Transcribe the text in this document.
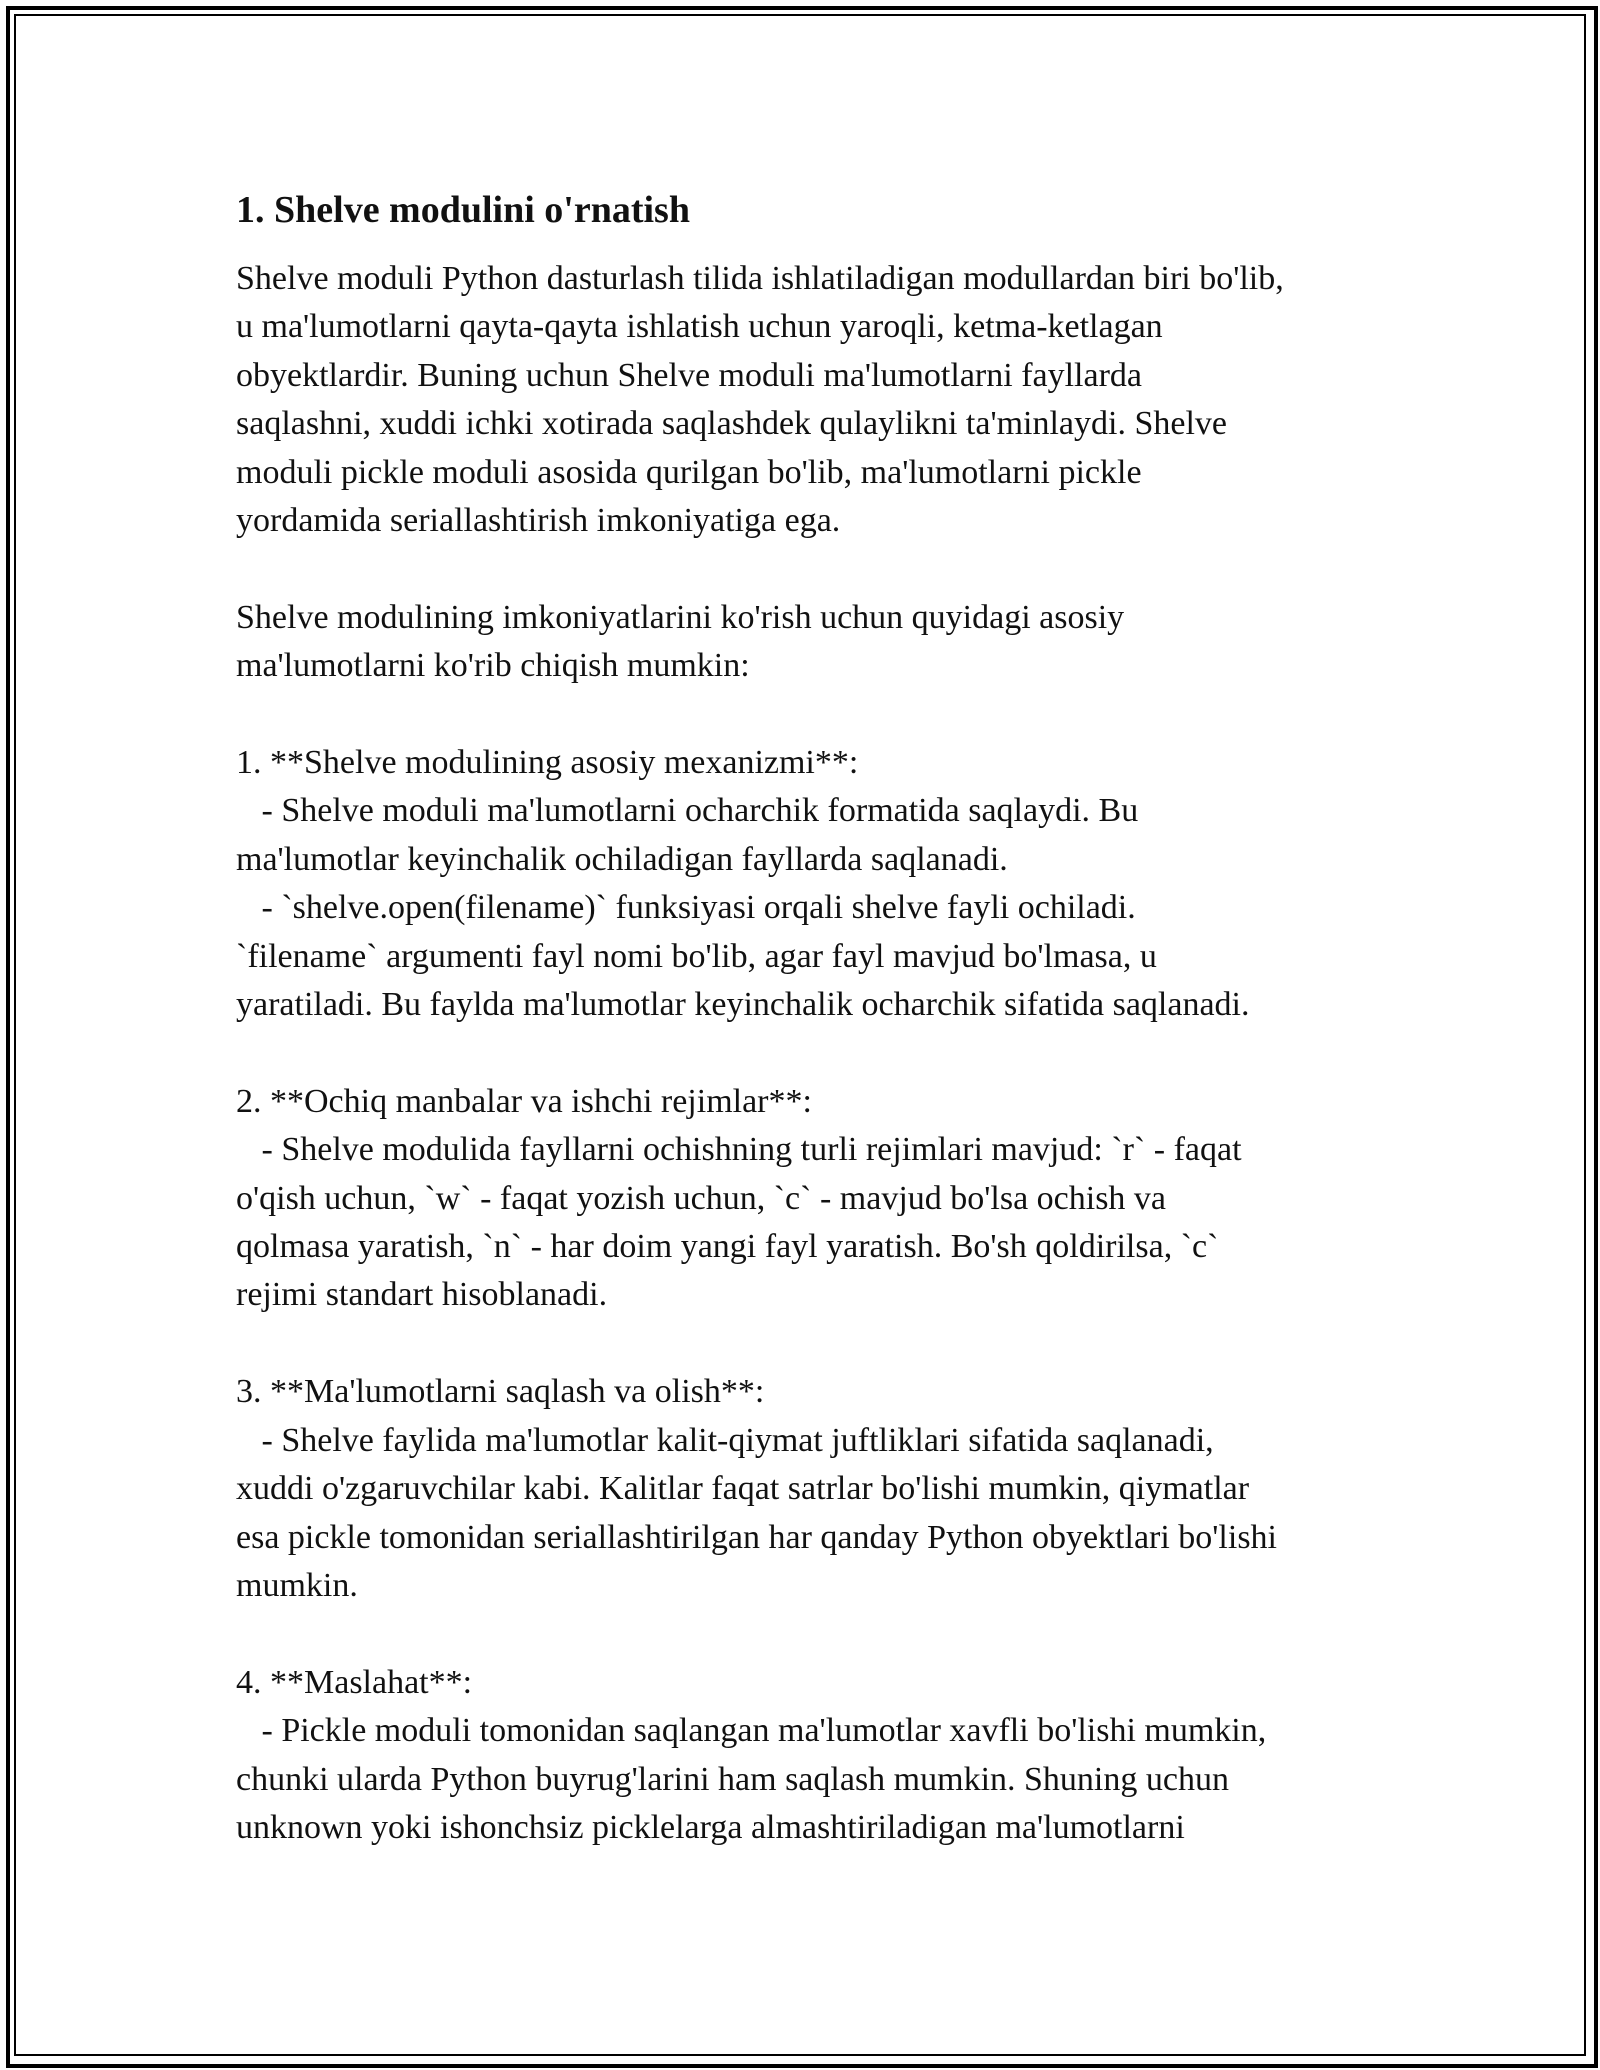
1. Shelve modulini o'rnatish

Shelve moduli Python dasturlash tilida ishlatiladigan modullardan biri bo'lib,
u ma'lumotlarni qayta-qayta ishlatish uchun yaroqli, ketma-ketlagan
obyektlardir. Buning uchun Shelve moduli ma'lumotlarni fayllarda
saqlashni, xuddi ichki xotirada saqlashdek qulaylikni ta'minlaydi. Shelve
moduli pickle moduli asosida qurilgan bo'lib, ma'lumotlarni pickle
yordamida seriallashtirish imkoniyatiga ega.

Shelve modulining imkoniyatlarini ko'rish uchun quyidagi asosiy
ma'lumotlarni ko'rib chiqish mumkin:

1. **Shelve modulining asosiy mexanizmi**:
- Shelve moduli ma'lumotlarni ocharchik formatida saqlaydi. Bu
ma'lumotlar keyinchalik ochiladigan fayllarda saqlanadi.
- `shelve.open(filename)` funksiyasi orqali shelve fayli ochiladi.
`filename` argumenti fayl nomi bo'lib, agar fayl mavjud bo'lmasa, u
yaratiladi. Bu faylda ma'lumotlar keyinchalik ocharchik sifatida saqlanadi.

2. **Ochiq manbalar va ishchi rejimlar**:
- Shelve modulida fayllarni ochishning turli rejimlari mavjud: `r` - faqat
o'qish uchun, `w` - faqat yozish uchun, `c` - mavjud bo'lsa ochish va
qolmasa yaratish, `n` - har doim yangi fayl yaratish. Bo'sh qoldirilsa, `c`
rejimi standart hisoblanadi.

3. **Ma'lumotlarni saqlash va olish**:
- Shelve faylida ma'lumotlar kalit-qiymat juftliklari sifatida saqlanadi,
xuddi o'zgaruvchilar kabi. Kalitlar faqat satrlar bo'lishi mumkin, qiymatlar
esa pickle tomonidan seriallashtirilgan har qanday Python obyektlari bo'lishi
mumkin.

4. **Maslahat**:
- Pickle moduli tomonidan saqlangan ma'lumotlar xavfli bo'lishi mumkin,
chunki ularda Python buyrug'larini ham saqlash mumkin. Shuning uchun
unknown yoki ishonchsiz picklelarga almashtiriladigan ma'lumotlarni
